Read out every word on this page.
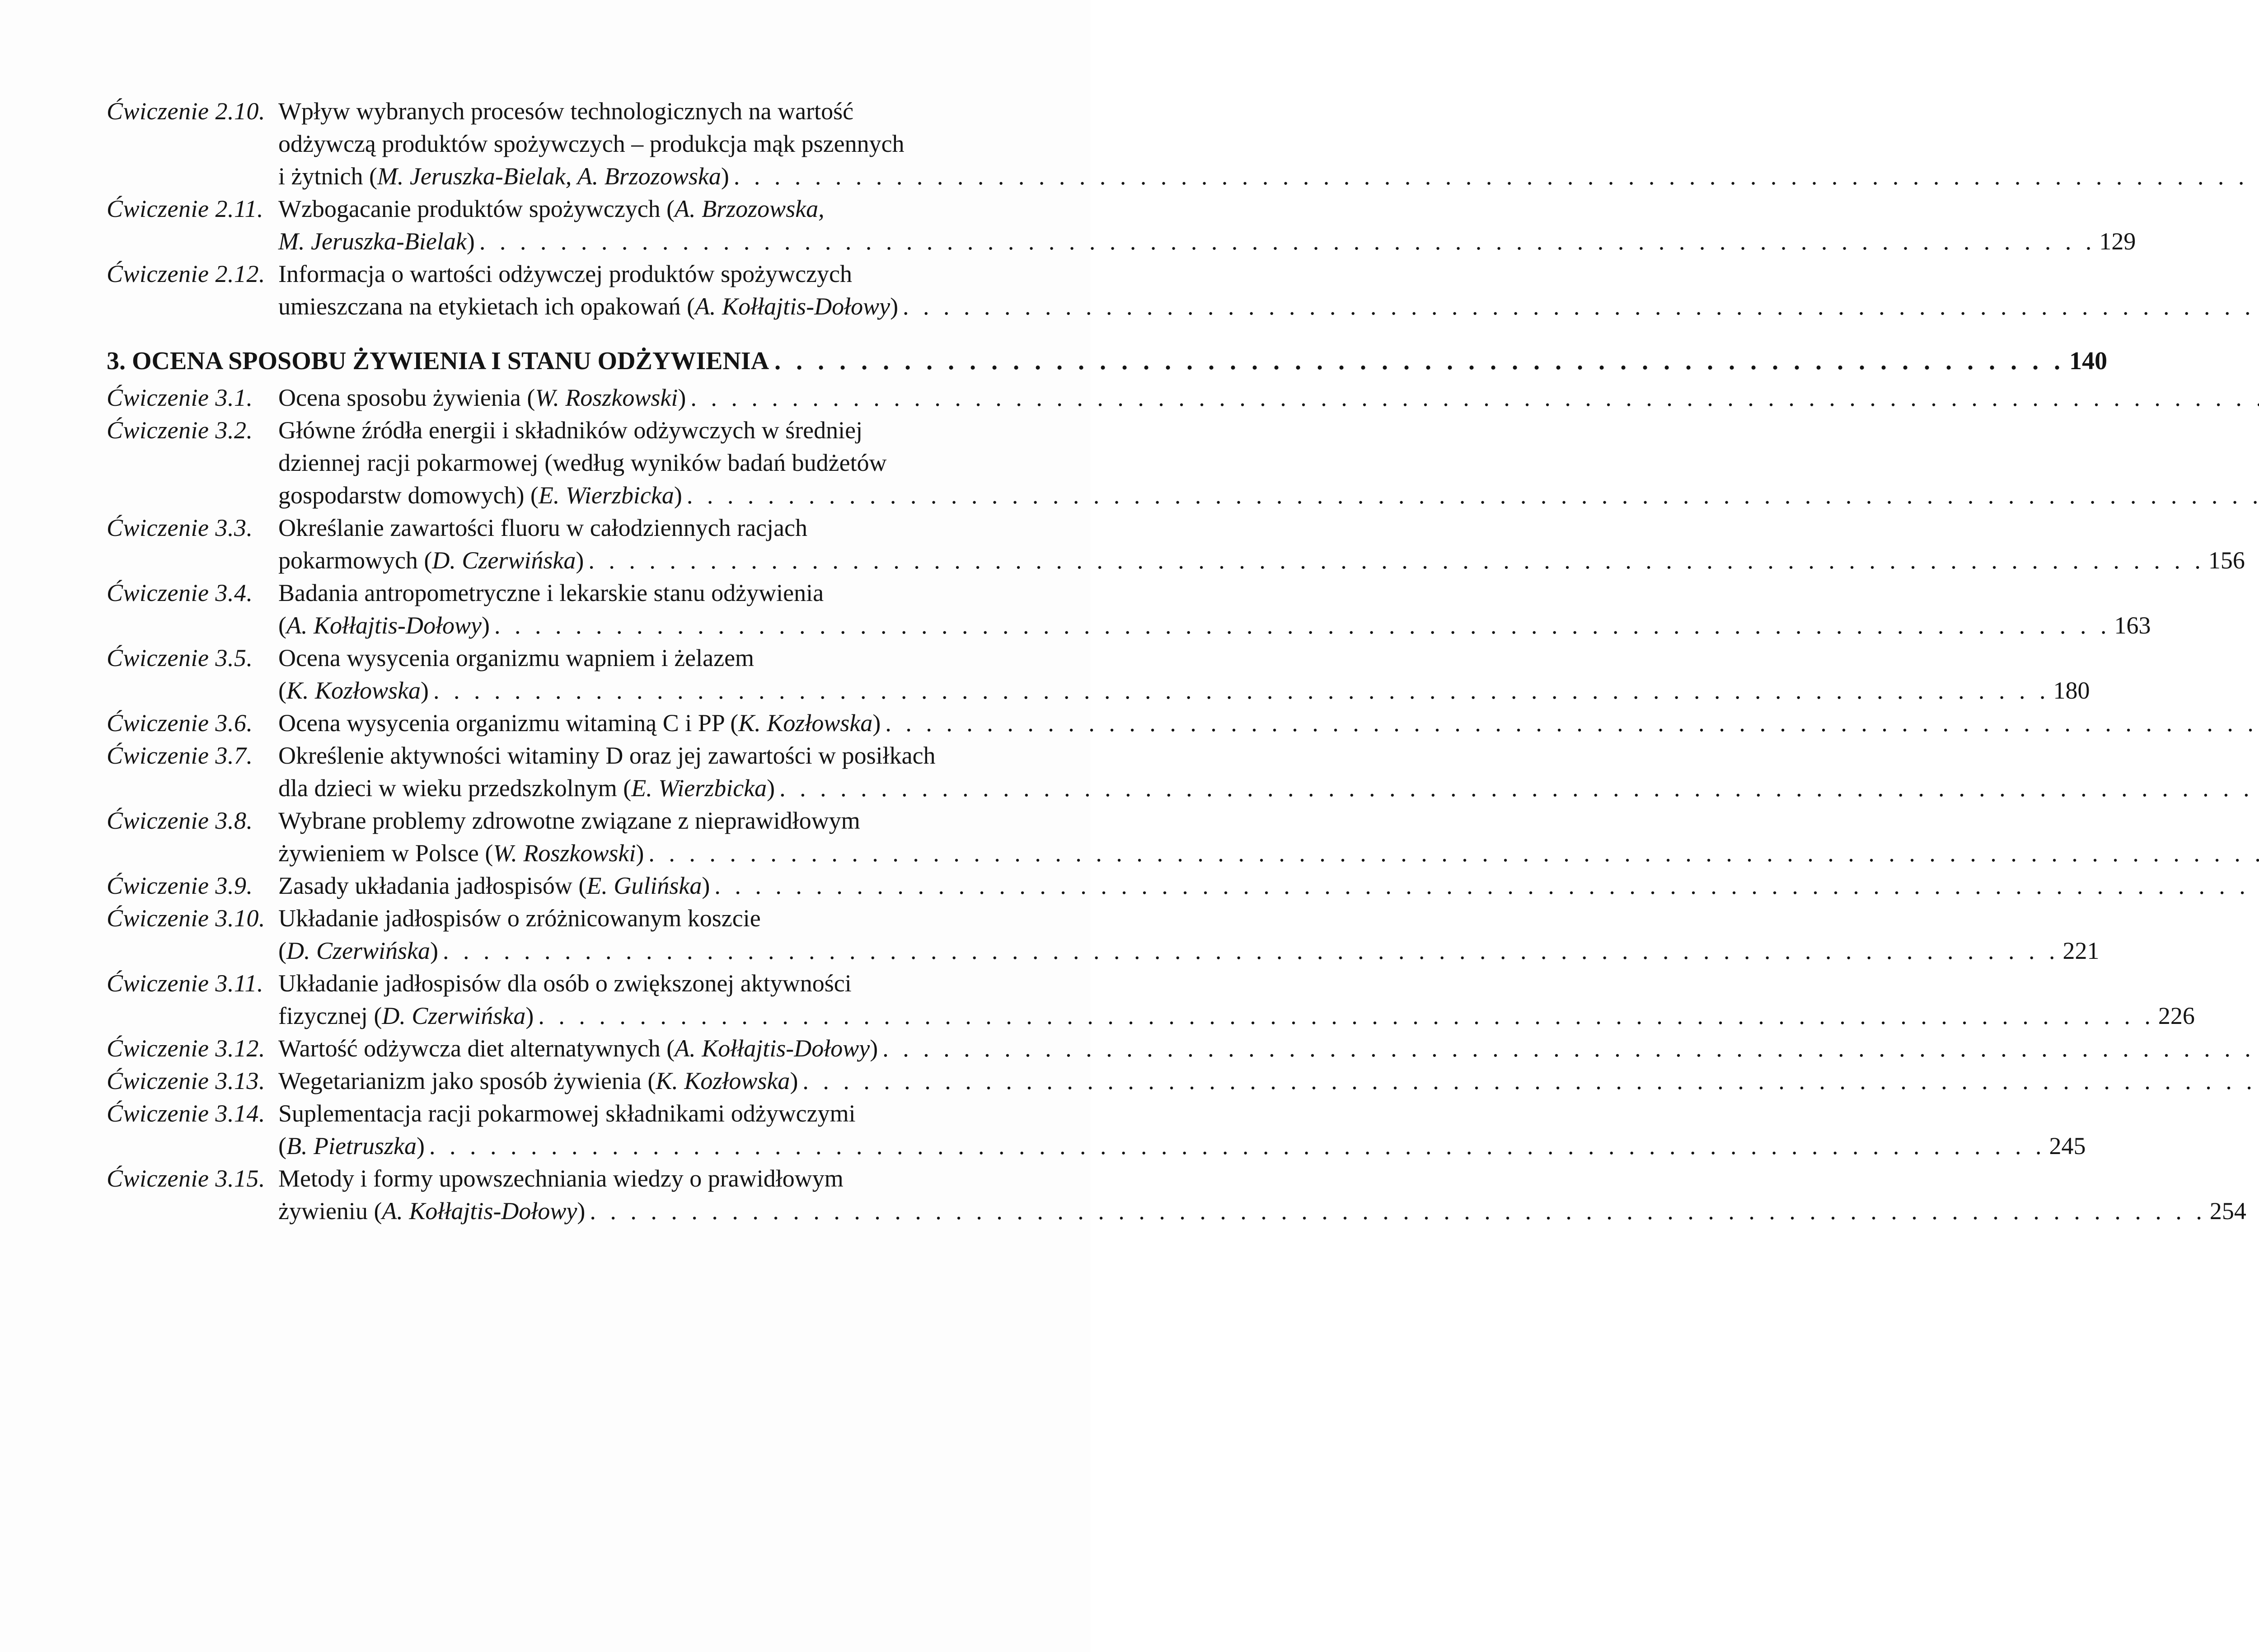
Ćwiczenie 2.10. Wpływ wybranych procesów technologicznych na wartość
odżywczą produktów spożywczych – produkcja mąk pszennych
i żytnich ( M. Jeruszka-Bielak, A. Brzozowska )
. . .
Ćwiczenie 2.11. Wzbogacanie produktów spożywczych ( A. Brzozowska,
M. Jeruszka-Bielak ) . . .	129
Ćwiczenie 2.12. Informacja o wartości odżywczej produktów spożywczych
umieszczana na etykietach ich opakowań ( A. Kołłajtis-Dołowy )
. . .
3. OCENA SPOSOBU ŻYWIENIA I STANU ODŻYWIENIA . . .	140
Ćwiczenie 3.1.	Ocena sposobu żywienia ( W. Roszkowski )
. . .
Ćwiczenie 3.2.	Główne źródła energii i składników odżywczych w średniej
dziennej racji pokarmowej (według wyników badań budżetów
gospodarstw domowych) ( E. Wierzbicka )
. . .
Ćwiczenie 3.3.	Określanie zawartości fluoru w całodziennych racjach
pokarmowych ( D. Czerwińska ) . . .	156
Ćwiczenie 3.4.	Badania antropometryczne i lekarskie stanu odżywienia
( A. Kołłajtis-Dołowy ) . . .	163
Ćwiczenie 3.5.	Ocena wysycenia organizmu wapniem i żelazem
( K. Kozłowska ) . . .	180
Ćwiczenie 3.6.	Ocena wysycenia organizmu witaminą C i PP ( K. Kozłowska )
. . .
Ćwiczenie 3.7.	Określenie aktywności witaminy D oraz jej zawartości w posiłkach
dla dzieci w wieku przedszkolnym ( E. Wierzbicka )
. . .
Ćwiczenie 3.8.	Wybrane problemy zdrowotne związane z nieprawidłowym
żywieniem w Polsce ( W. Roszkowski )
. . .
Ćwiczenie 3.9.	Zasady układania jadłospisów ( E. Gulińska )
. . .
Ćwiczenie 3.10. Układanie jadłospisów o zróżnicowanym koszcie
( D. Czerwińska ) . . .	221
Ćwiczenie 3.11. Układanie jadłospisów dla osób o zwiększonej aktywności
fizycznej ( D. Czerwińska ) . . .	226
Ćwiczenie 3.12. Wartość odżywcza diet alternatywnych ( A. Kołłajtis-Dołowy )
. . .
Ćwiczenie 3.13. Wegetarianizm jako sposób żywienia ( K. Kozłowska )
. . .
Ćwiczenie 3.14. Suplementacja racji pokarmowej składnikami odżywczymi
( B. Pietruszka ) . . .	245
Ćwiczenie 3.15. Metody i formy upowszechniania wiedzy o prawidłowym
żywieniu ( A. Kołłajtis-Dołowy ) . . .	254
